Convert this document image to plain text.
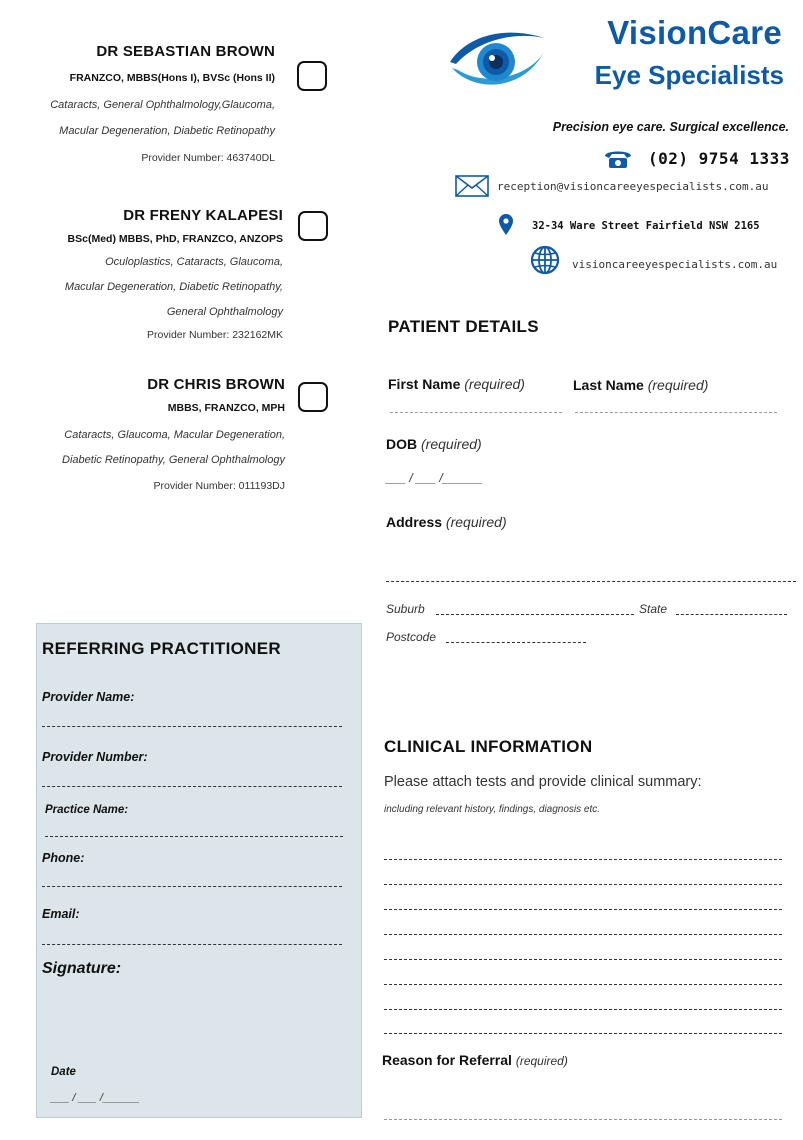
DR SEBASTIAN BROWN
FRANZCO, MBBS(Hons I), BVSc (Hons II)
Cataracts, General Ophthalmology,Glaucoma,
Macular Degeneration, Diabetic Retinopathy
Provider Number: 463740DL
DR FRENY KALAPESI
BSc(Med) MBBS, PhD, FRANZCO, ANZOPS
Oculoplastics, Cataracts, Glaucoma,
Macular Degeneration, Diabetic Retinopathy,
General Ophthalmology
Provider Number: 232162MK
DR CHRIS BROWN
MBBS, FRANZCO, MPH
Cataracts, Glaucoma, Macular Degeneration,
Diabetic Retinopathy, General Ophthalmology
Provider Number: 011193DJ
VisionCare
Eye Specialists
Precision eye care. Surgical excellence.
(02) 9754 1333
reception@visioncareeyespecialists.com.au
32-34 Ware Street Fairfield NSW 2165
visioncareeyespecialists.com.au
PATIENT DETAILS
First Name (required)	Last Name (required)
DOB (required)
___ / ___ /______
Address (required)
Suburb	State
Postcode
REFERRING PRACTITIONER
Provider Name:
Provider Number:
Practice Name:
Phone:
Email:
Signature:
Date
___ / ___ /______
CLINICAL INFORMATION
Please attach tests and provide clinical summary:
including relevant history, findings, diagnosis etc.
Reason for Referral (required)
